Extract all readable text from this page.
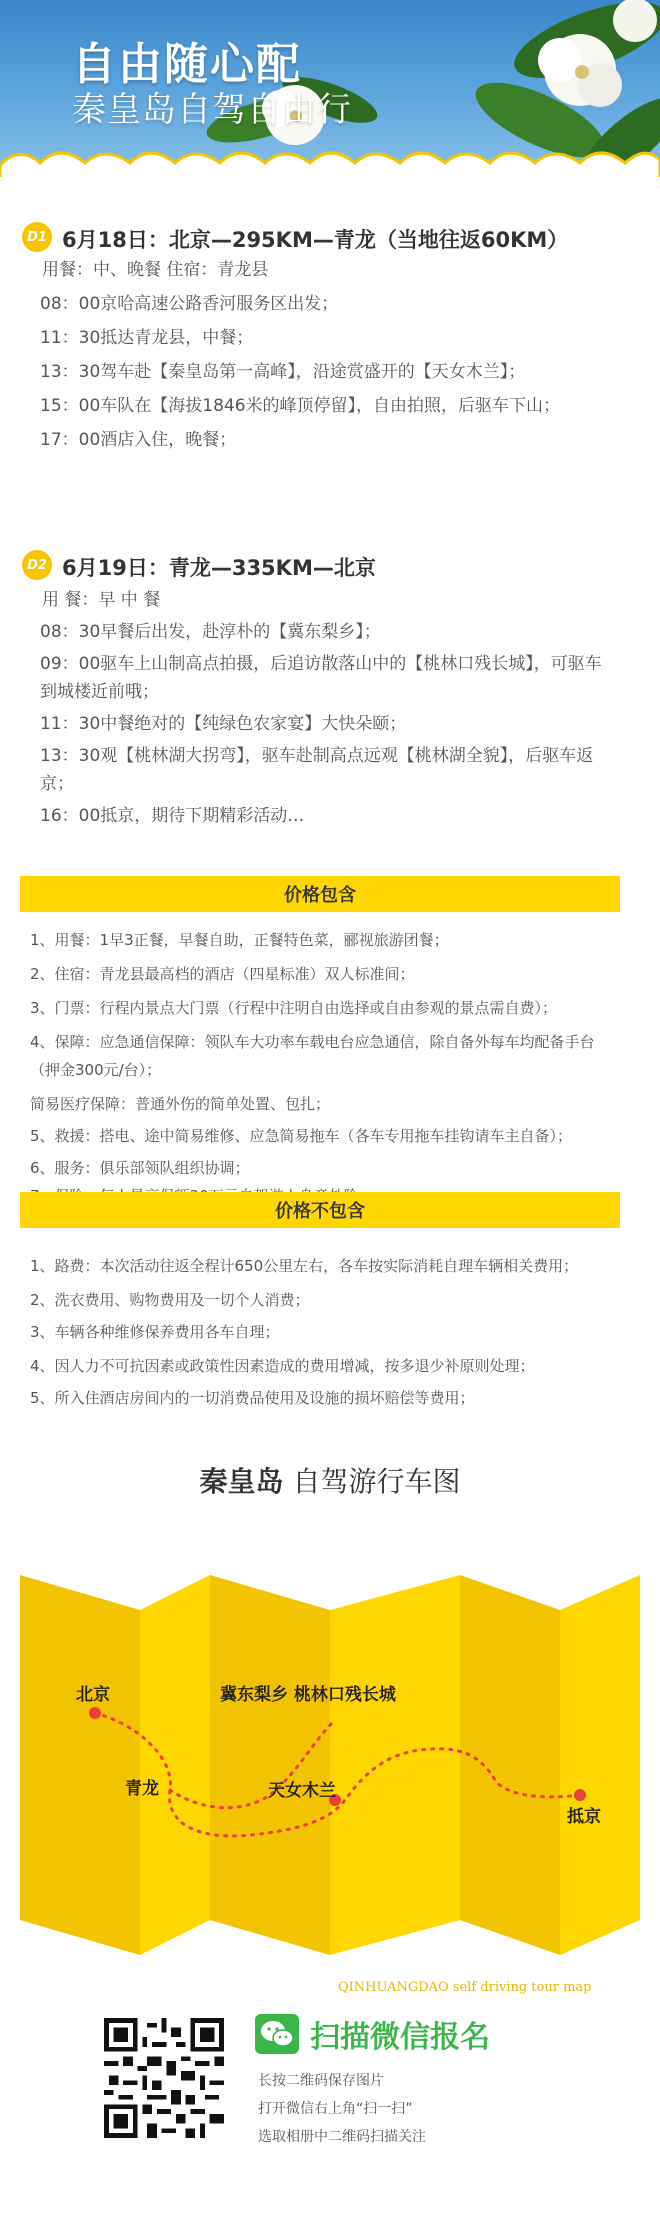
自由随心配
秦皇岛自驾自由行
D1 6月18日：北京—295KM—青龙（当地往返60KM）
用餐：中、晚餐 住宿：青龙县
08：00京哈高速公路香河服务区出发；
11：30抵达青龙县，中餐；
13：30驾车赴【秦皇岛第一高峰】，沿途赏盛开的【天女木兰】；
15：00车队在【海拔1846米的峰顶停留】，自由拍照，后驱车下山；
17：00酒店入住，晚餐；
D2 6月19日：青龙—335KM—北京
用 餐：早 中 餐
08：30早餐后出发，赴淳朴的【冀东梨乡】；
09：00驱车上山制高点拍摄，后追访散落山中的【桃林口残长城】，可驱车
到城楼近前哦；
11：30中餐绝对的【纯绿色农家宴】大快朵颐；
13：30观【桃林湖大拐弯】，驱车赴制高点远观【桃林湖全貌】，后驱车返
京；
16：00抵京，期待下期精彩活动…
价格包含
1、用餐：1早3正餐，早餐自助，正餐特色菜，郦视旅游团餐；
2、住宿：青龙县最高档的酒店（四星标准）双人标准间；
3、门票：行程内景点大门票（行程中注明自由选择或自由参观的景点需自费）；
4、保障：应急通信保障：领队车大功率车载电台应急通信，除自备外每车均配备手台
（押金300元/台）；
简易医疗保障：普通外伤的简单处置、包扎；
5、救援：搭电、途中简易维修、应急简易拖车（各车专用拖车挂钩请车主自备）；
6、服务：俱乐部领队组织协调；
价格不包含
1、路费：本次活动往返全程计650公里左右，各车按实际消耗自理车辆相关费用；
2、洗衣费用、购物费用及一切个人消费；
3、车辆各种维修保养费用各车自理；
4、因人力不可抗因素或政策性因素造成的费用增减，按多退少补原则处理；
5、所入住酒店房间内的一切消费品使用及设施的损坏赔偿等费用；
秦皇岛 自驾游行车图
北京
青龙
冀东梨乡 桃林口残长城
天女木兰
抵京
QINHUANGDAO self driving tour map
扫描微信报名
长按二维码保存图片
打开微信右上角“扫一扫”
选取相册中二维码扫描关注
